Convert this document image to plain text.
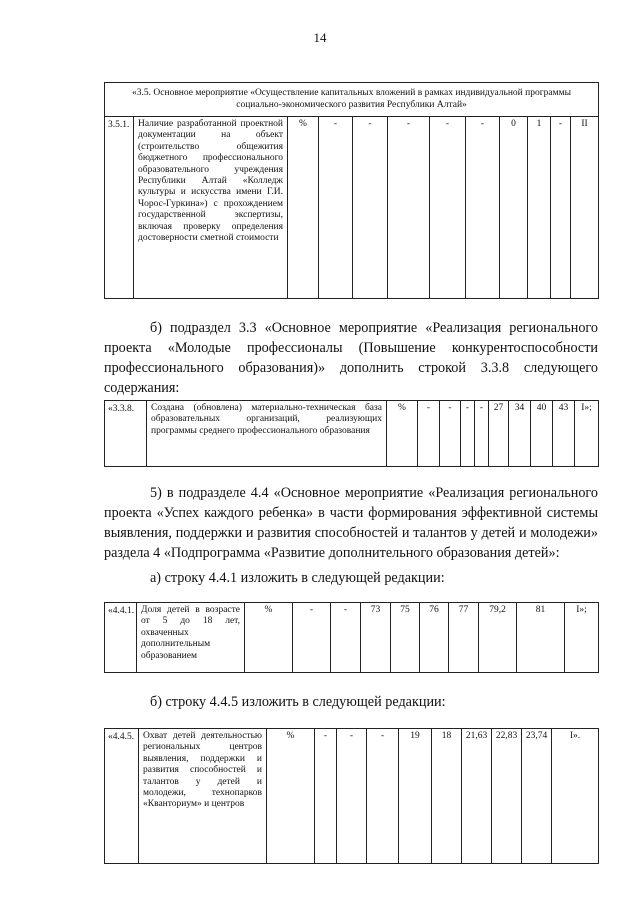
14
«3.5. Основное мероприятие «Осуществление капитальных вложений в рамках индивидуальной программы социально-экономического развития Республики Алтай»
3.5.1.	Наличие разработанной проектной документации на объект (строительство общежития бюджетного профессионального образовательного учреждения Республики Алтай «Колледж культуры и искусства имени Г.И. Чорос-Гуркина») с прохождением государственной экспертизы, включая проверку определения достоверности сметной стоимости	%	-	-	-	-	-	0	1	-	II
б) подраздел 3.3 «Основное мероприятие «Реализация регионального проекта «Молодые профессионалы (Повышение конкурентоспособности профессионального образования)» дополнить строкой 3.3.8 следующего содержания:
«3.3.8.	Создана (обновлена) материально-техническая база образовательных организаций, реализующих программы среднего профессионального образования	%	-	-	-	-	27	34	40	43	I»;
5) в подразделе 4.4 «Основное мероприятие «Реализация регионального проекта «Успех каждого ребенка» в части формирования эффективной системы выявления, поддержки и развития способностей и талантов у детей и молодежи» раздела 4 «Подпрограмма «Развитие дополнительного образования детей»:
а) строку 4.4.1 изложить в следующей редакции:
«4.4.1.	Доля детей в возрасте от 5 до 18 лет, охваченных дополнительным образованием	%	-	-	73	75	76	77	79,2	81	I»;
б) строку 4.4.5 изложить в следующей редакции:
«4.4.5.	Охват детей деятельностью региональных центров выявления, поддержки и развития способностей и талантов у детей и молодежи, технопарков «Кванториум» и центров	%	-	-	-	19	18	21,63	22,83	23,74	I».
